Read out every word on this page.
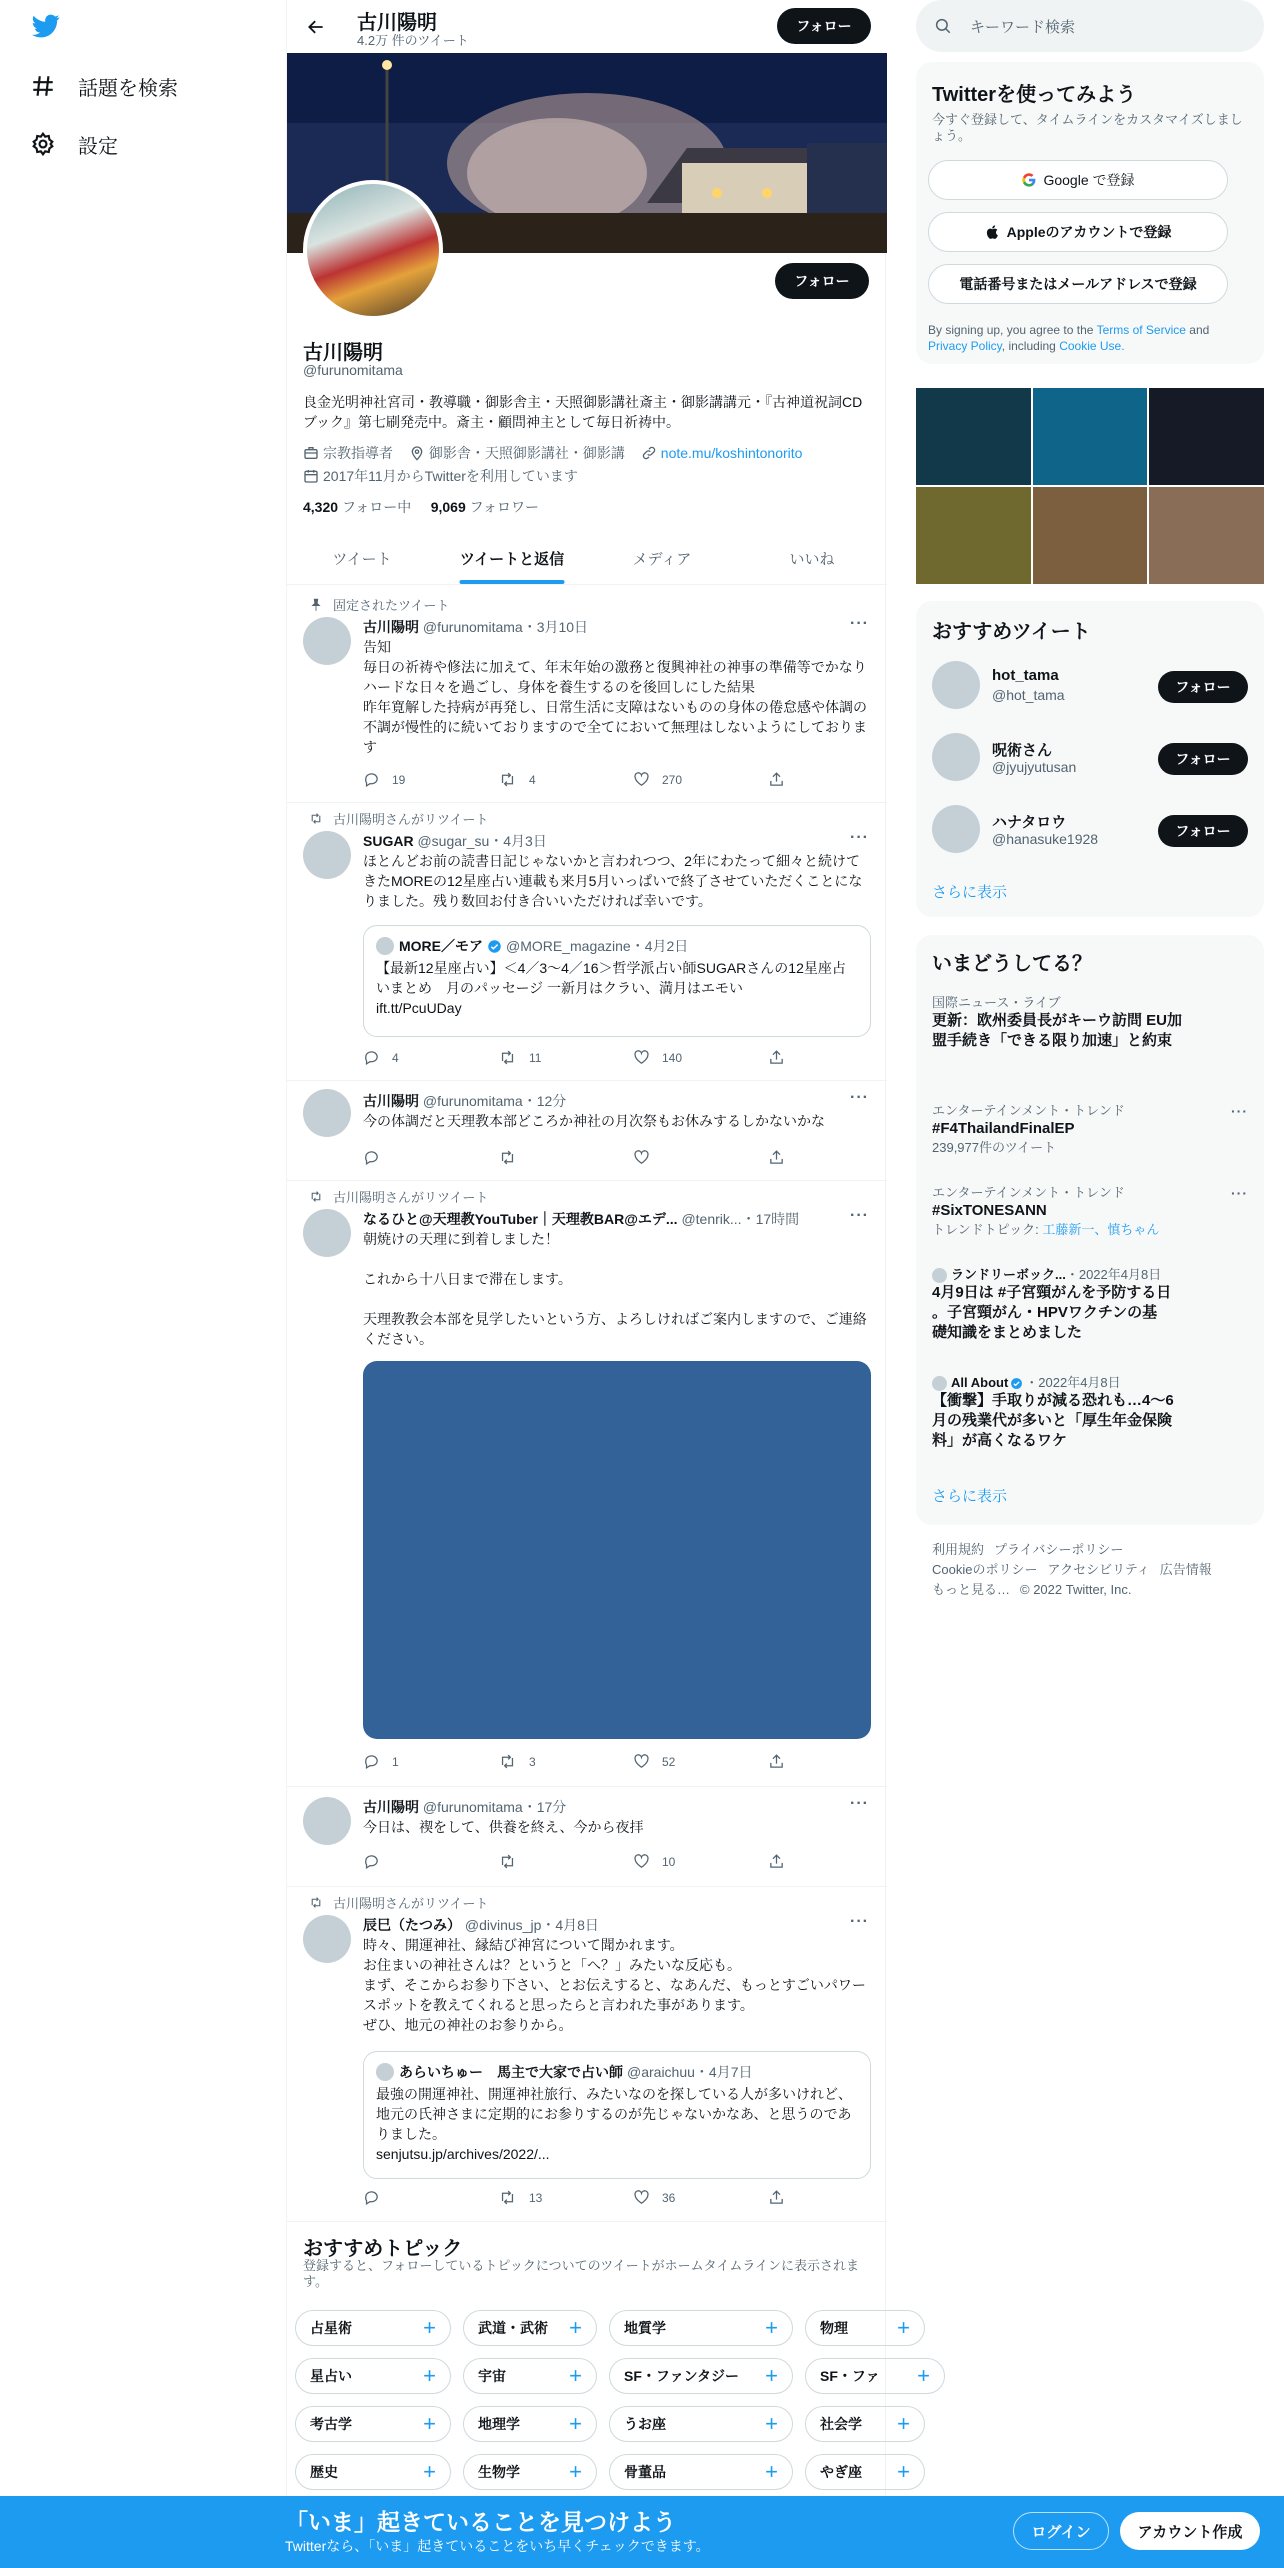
話題を検索
設定
古川陽明
4.2万 件のツイート
フォロー
フォロー
古川陽明
@furunomitama
良金光明神社宮司・教導職・御影舎主・天照御影講社斎主・御影講講元・『古神道祝詞CDブック』第七刷発売中。斎主・顧問神主として毎日祈祷中。
宗教指導者
	御影舎・天照御影講社・御影講
	note.mu/koshintonorito

2017年11月からTwitterを利用しています
4,320 フォロー中 9,069 フォロワー
ツイート	ツイートと返信	メディア	いいね
固定されたツイート
古川陽明 @furunomitama・3月10日	···
告知
毎日の祈祷や修法に加えて、年末年始の激務と復興神社の神事の準備等でかなりハードな日々を過ごし、身体を養生するのを後回しにした結果
昨年寛解した持病が再発し、日常生活に支障はないものの身体の倦怠感や体調の不調が慢性的に続いておりますので全てにおいて無理はしないようにしております
19	4	270
古川陽明さんがリツイート
SUGAR @sugar_su・4月3日	···
ほとんどお前の読書日記じゃないかと言われつつ、2年にわたって細々と続けてきたMOREの12星座占い連載も来月5月いっぱいで終了させていただくことになりました。残り数回お付き合いいただければ幸いです。
MORE／モア @MORE_magazine・4月2日
【最新12星座占い】＜4／3～4／16＞哲学派占い師SUGARさんの12星座占いまとめ　月のパッセージ 一新月はクラい、満月はエモい
ift.tt/PcuUDay
4	11	140
古川陽明 @furunomitama・12分	···
今の体調だと天理教本部どころか神社の月次祭もお休みするしかないかな
古川陽明さんがリツイート
なるひと@天理教YouTuber｜天理教BAR@エデ... @tenrik...・17時間	···
朝焼けの天理に到着しました！

これから十八日まで滞在します。

天理教教会本部を見学したいという方、よろしければご案内しますので、ご連絡ください。
1	3	52
古川陽明 @furunomitama・17分	···
今日は、禊をして、供養を終え、今から夜拝
10
古川陽明さんがリツイート
辰巳（たつみ） @divinus_jp・4月8日	···
時々、開運神社、縁結び神宮について聞かれます。
お住まいの神社さんは？というと「へ？」みたいな反応も。
まず、そこからお参り下さい、とお伝えすると、なあんだ、もっとすごいパワースポットを教えてくれると思ったらと言われた事があります。
ぜひ、地元の神社のお参りから。
あらいちゅー　馬主で大家で占い師 @araichuu・4月7日
最強の開運神社、開運神社旅行、みたいなのを探している人が多いけれど、地元の氏神さまに定期的にお参りするのが先じゃないかなあ、と思うのでありました。
senjutsu.jp/archives/2022/...
13	36
おすすめトピック
登録すると、フォローしているトピックについてのツイートがホームタイムラインに表示されます。
占星術	+	武道・武術 +	地質学	+	物理 +
星占い	+	宇宙	+	SF・ファンタジー +	SF・ファ +
考古学	+	地理学 +	うお座	+	社会学 +
歴史	+	生物学 +	骨董品	+	やぎ座 +
キーワード検索
Twitterを使ってみよう
今すぐ登録して、タイムラインをカスタマイズしましょう。
Google で登録
Appleのアカウントで登録
電話番号またはメールアドレスで登録
By signing up, you agree to the Terms of Service and Privacy Policy, including Cookie Use.
おすすめツイート
hot_tama
@hot_tama	フォロー
呪術さん
@jyujyutusan	フォロー
ハナタロウ
@hanasuke1928	フォロー
さらに表示
いまどうしてる？
国際ニュース・ライブ
更新：欧州委員長がキーウ訪問 EU加盟手続き「できる限り加速」と約束
エンターテインメント・トレンド
#F4ThailandFinalEP
239,977件のツイート
···
エンターテインメント・トレンド
#SixTONESANN
トレンドトピック: 工藤新一、慎ちゃん
···
ランドリーボック... ・2022年4月8日
4月9日は #子宮頸がんを予防する日 。子宮頸がん・HPVワクチンの基礎知識をまとめました
All About ・2022年4月8日
【衝撃】手取りが減る恐れも…4～6月の残業代が多いと「厚生年金保険料」が高くなるワケ
さらに表示
利用規約 プライバシーポリシー
Cookieのポリシー アクセシビリティ 広告情報
もっと見る… © 2022 Twitter, Inc.
「いま」起きていることを見つけよう
Twitterなら、「いま」起きていることをいち早くチェックできます。
ログイン	アカウント作成
